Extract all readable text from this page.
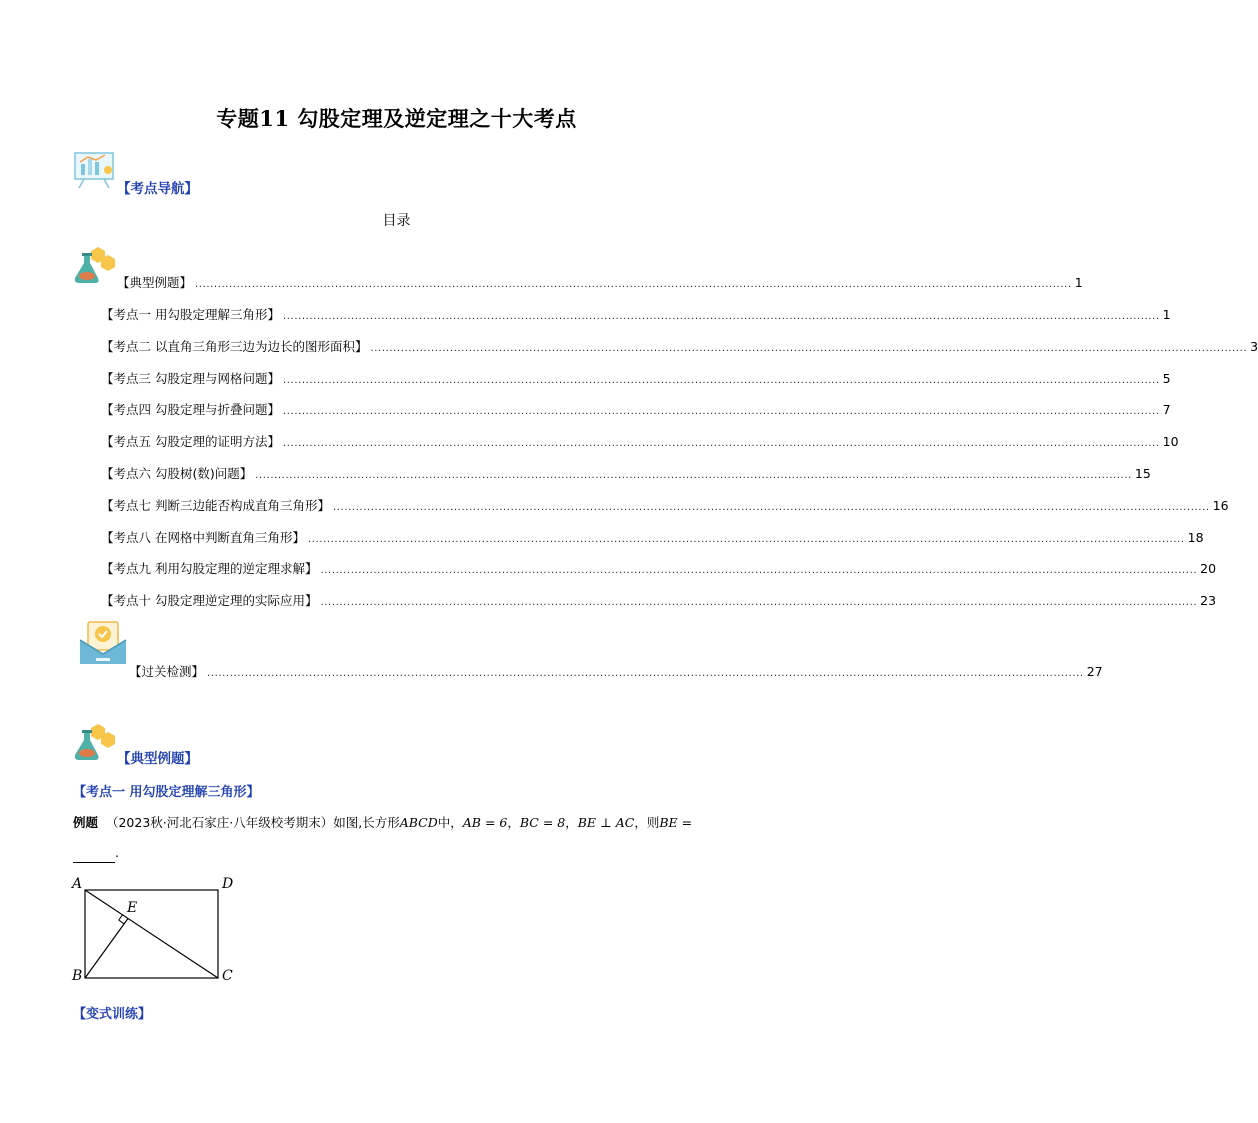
专题11 勾股定理及逆定理之十大考点
【考点导航】
目录
【典型例题】 ........................................................................................................................................................................................................................................ 1
【考点一 用勾股定理解三角形】 ........................................................................................................................................................................................................................................ 1
【考点二 以直角三角形三边为边长的图形面积】 ........................................................................................................................................................................................................................................ 3
【考点三 勾股定理与网格问题】 ........................................................................................................................................................................................................................................ 5
【考点四 勾股定理与折叠问题】 ........................................................................................................................................................................................................................................ 7
【考点五 勾股定理的证明方法】 ........................................................................................................................................................................................................................................ 10
【考点六 勾股树(数)问题】 ........................................................................................................................................................................................................................................ 15
【考点七 判断三边能否构成直角三角形】 ........................................................................................................................................................................................................................................ 16
【考点八 在网格中判断直角三角形】 ........................................................................................................................................................................................................................................ 18
【考点九 利用勾股定理的逆定理求解】 ........................................................................................................................................................................................................................................ 20
【考点十 勾股定理逆定理的实际应用】 ........................................................................................................................................................................................................................................ 23
【过关检测】 ........................................................................................................................................................................................................................................ 27
【典型例题】
【考点一 用勾股定理解三角形】
例题 （2023秋·河北石家庄·八年级校考期末）如图,长方形ABCD中，AB = 6，BC = 8，BE ⊥ AC，则BE =
.
A	D
E
B	C
【变式训练】
